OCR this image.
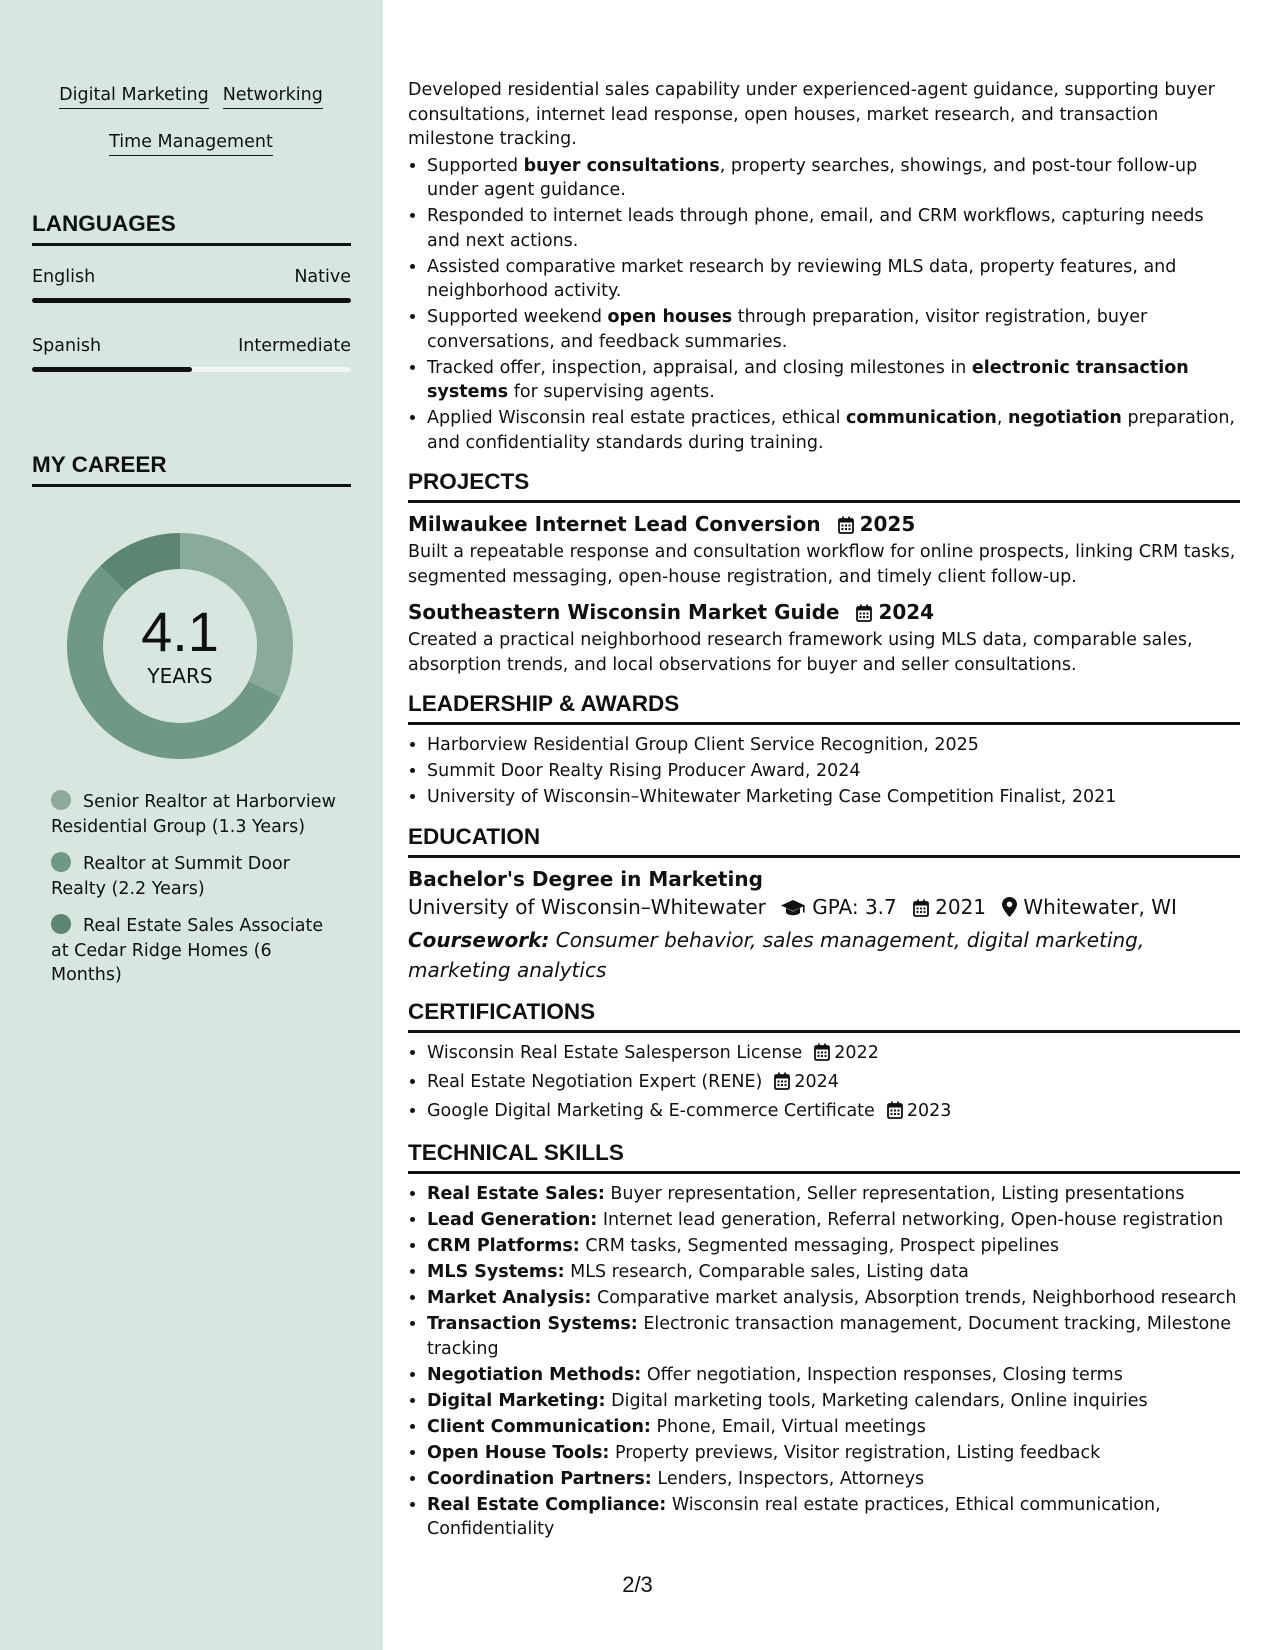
Digital Marketing Networking
Time Management
LANGUAGES
English	Native
Spanish	Intermediate
MY CAREER
4.1
YEARS
Senior Realtor at Harborview Residential Group (1.3 Years)
Realtor at Summit Door Realty (2.2 Years)
Real Estate Sales Associate at Cedar Ridge Homes (6 Months)

Developed residential sales capability under experienced-agent guidance, supporting buyer consultations, internet lead response, open houses, market research, and transaction milestone tracking.

• Supported buyer consultations, property searches, showings, and post-tour follow-up under agent guidance.
• Responded to internet leads through phone, email, and CRM workflows, capturing needs and next actions.
• Assisted comparative market research by reviewing MLS data, property features, and neighborhood activity.
• Supported weekend open houses through preparation, visitor registration, buyer conversations, and feedback summaries.
• Tracked offer, inspection, appraisal, and closing milestones in electronic transaction systems for supervising agents.
• Applied Wisconsin real estate practices, ethical communication, negotiation preparation, and confidentiality standards during training.
PROJECTS
Milwaukee Internet Lead Conversion 2025

Built a repeatable response and consultation workflow for online prospects, linking CRM tasks, segmented messaging, open-house registration, and timely client follow-up.

Southeastern Wisconsin Market Guide 2024

Created a practical neighborhood research framework using MLS data, comparable sales, absorption trends, and local observations for buyer and seller consultations.

LEADERSHIP & AWARDS
• Harborview Residential Group Client Service Recognition, 2025
• Summit Door Realty Rising Producer Award, 2024
• University of Wisconsin–Whitewater Marketing Case Competition Finalist, 2021
EDUCATION
Bachelor's Degree in Marketing
University of Wisconsin–Whitewater GPA: 3.7 2021 Whitewater, WI
Coursework: Consumer behavior, sales management, digital marketing, marketing analytics
CERTIFICATIONS
• Wisconsin Real Estate Salesperson License 2022
• Real Estate Negotiation Expert (RENE) 2024
• Google Digital Marketing & E-commerce Certificate 2023
TECHNICAL SKILLS
• Real Estate Sales: Buyer representation, Seller representation, Listing presentations
• Lead Generation: Internet lead generation, Referral networking, Open-house registration
• CRM Platforms: CRM tasks, Segmented messaging, Prospect pipelines
• MLS Systems: MLS research, Comparable sales, Listing data
• Market Analysis: Comparative market analysis, Absorption trends, Neighborhood research
• Transaction Systems: Electronic transaction management, Document tracking, Milestone tracking
• Negotiation Methods: Offer negotiation, Inspection responses, Closing terms
• Digital Marketing: Digital marketing tools, Marketing calendars, Online inquiries
• Client Communication: Phone, Email, Virtual meetings
• Open House Tools: Property previews, Visitor registration, Listing feedback
• Coordination Partners: Lenders, Inspectors, Attorneys
• Real Estate Compliance: Wisconsin real estate practices, Ethical communication, Confidentiality
2/3
